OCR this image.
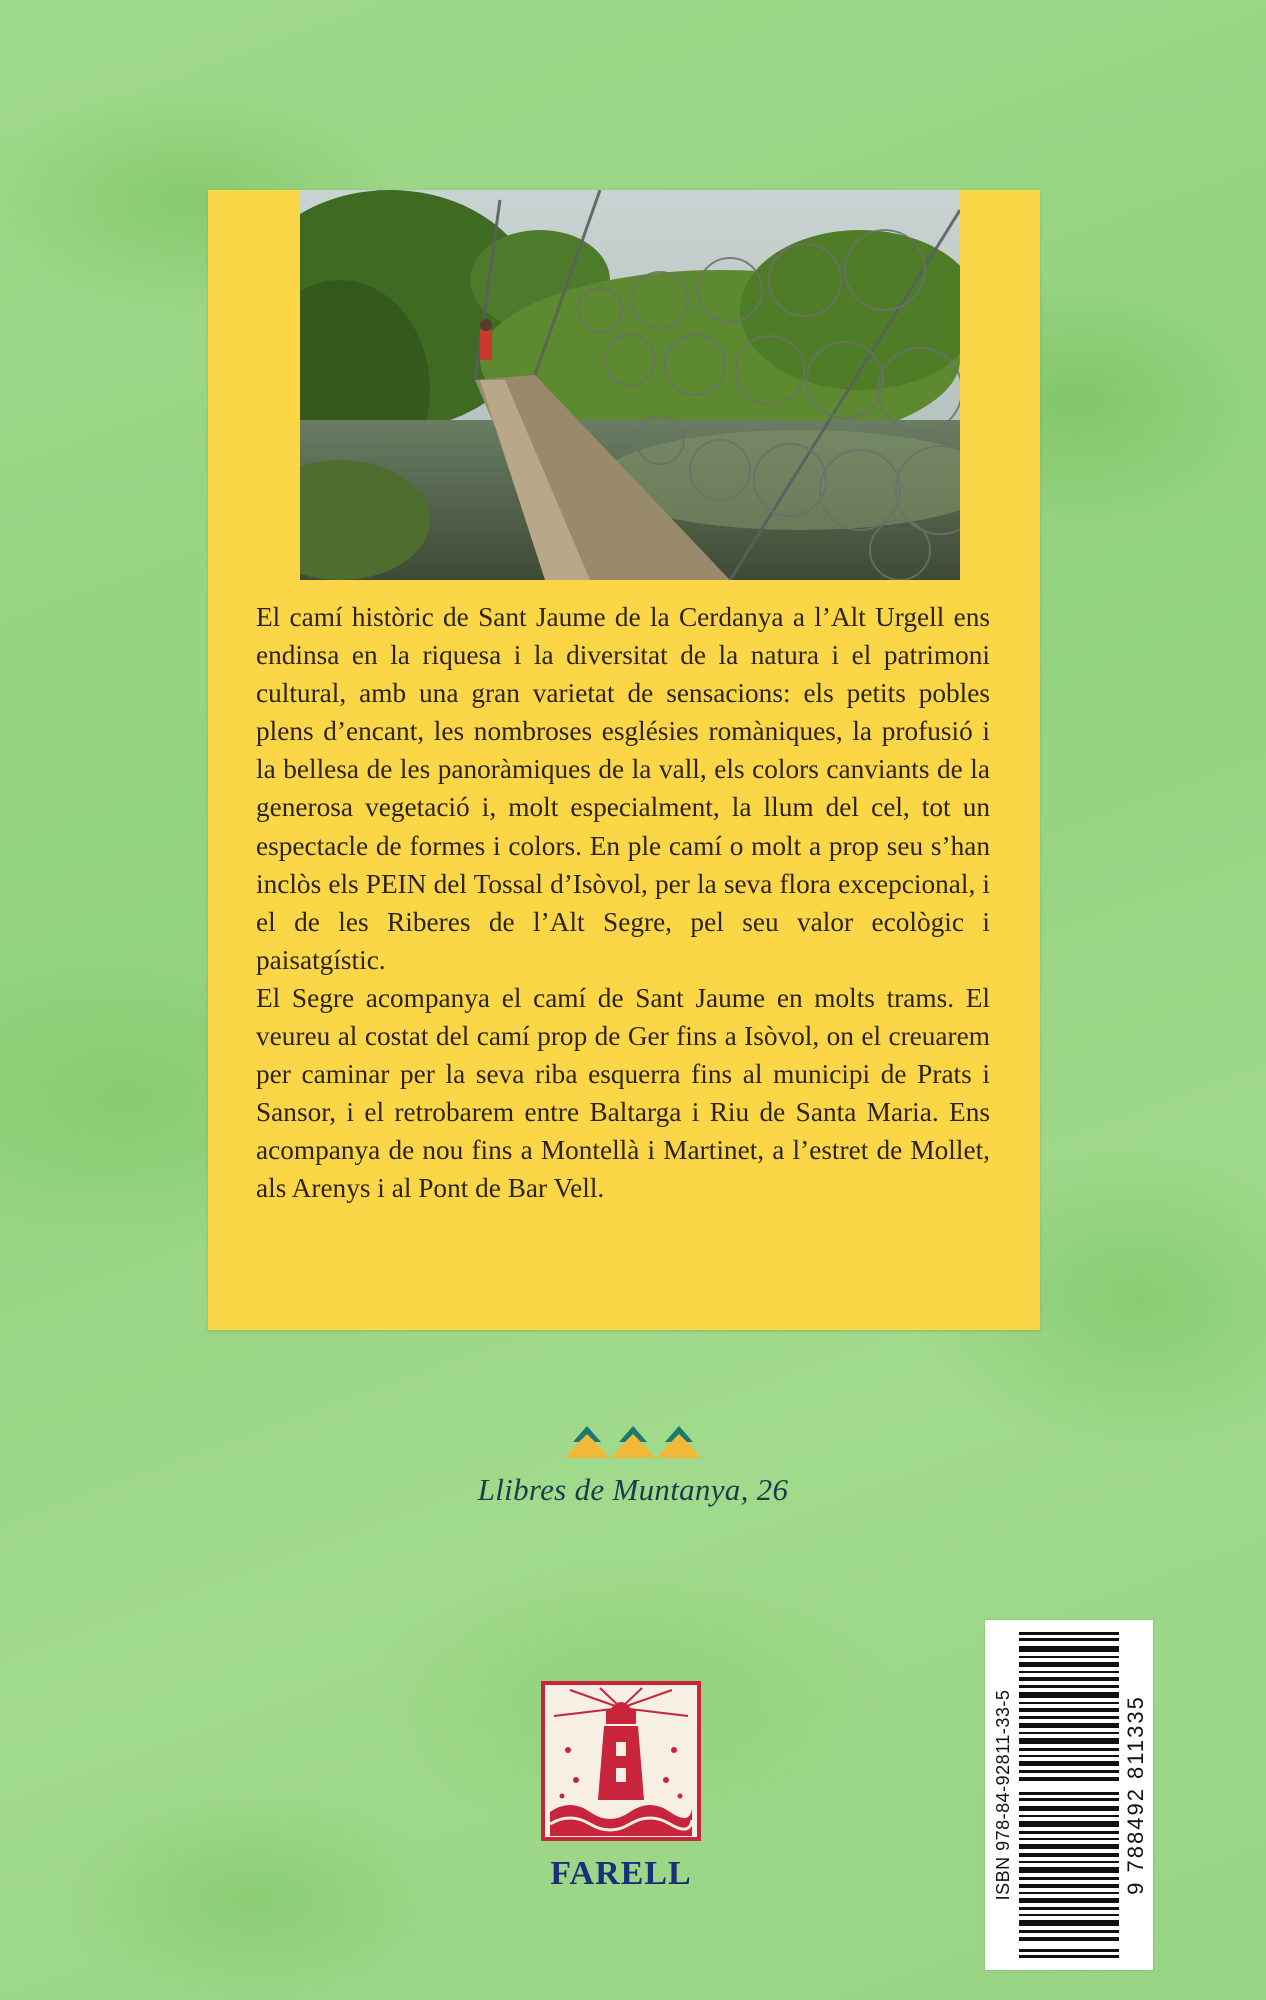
El camí històric de Sant Jaume de la Cerdanya a l’Alt Urgell ens endinsa en la riquesa i la diversitat de la natura i el patrimoni cultural, amb una gran varietat de sensacions: els petits pobles plens d’encant, les nombroses esglésies romàniques, la profusió i la bellesa de les panoràmiques de la vall, els colors canviants de la generosa vegetació i, molt especialment, la llum del cel, tot un espectacle de formes i colors. En ple camí o molt a prop seu s’han inclòs els PEIN del Tossal d’Isòvol, per la seva flora excepcional, i el de les Riberes de l’Alt Segre, pel seu valor ecològic i paisatgístic.

El Segre acompanya el camí de Sant Jaume en molts trams. El veureu al costat del camí prop de Ger fins a Isòvol, on el creuarem per caminar per la seva riba esquerra fins al municipi de Prats i Sansor, i el retrobarem entre Baltarga i Riu de Santa Maria. Ens acompanya de nou fins a Montellà i Martinet, a l’estret de Mollet, als Arenys i al Pont de Bar Vell.

Llibres de Muntanya, 26
FARELL	ISBN 978-84-92811-33-5	9 788492 811335
